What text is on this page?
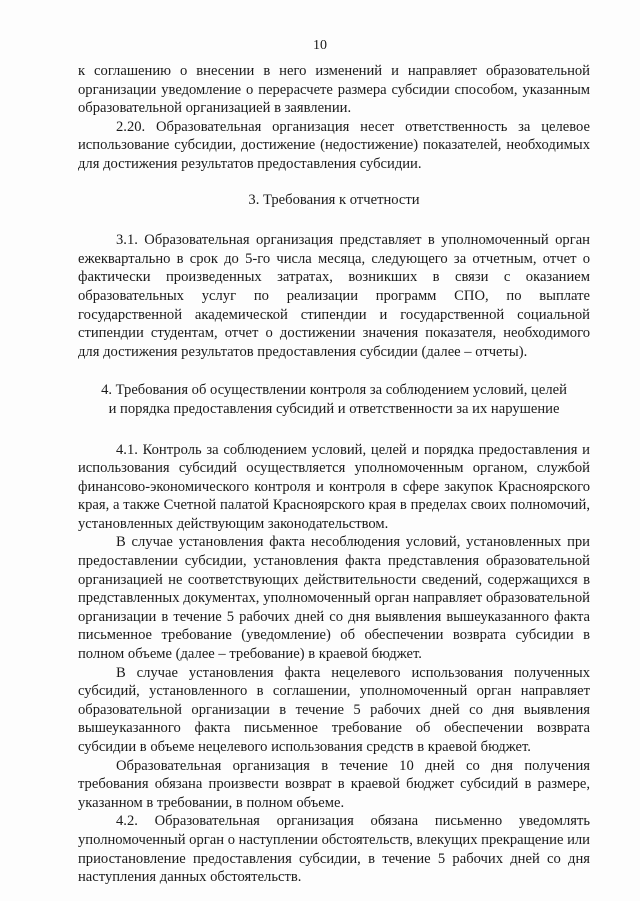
10

к соглашению о внесении в него изменений и направляет образовательной организации уведомление о перерасчете размера субсидии способом, указанным образовательной организацией в заявлении.

2.20. Образовательная организация несет ответственность за целевое использование субсидии, достижение (недостижение) показателей, необходимых для достижения результатов предоставления субсидии.

3. Требования к отчетности

3.1. Образовательная организация представляет в уполномоченный орган ежеквартально в срок до 5-го числа месяца, следующего за отчетным, отчет о фактически произведенных затратах, возникших в связи с оказанием образовательных услуг по реализации программ СПО, по выплате государственной академической стипендии и государственной социальной стипендии студентам, отчет о достижении значения показателя, необходимого для достижения результатов предоставления субсидии (далее – отчеты).

4. Требования об осуществлении контроля за соблюдением условий, целей
и порядка предоставления субсидий и ответственности за их нарушение

4.1. Контроль за соблюдением условий, целей и порядка предоставления и использования субсидий осуществляется уполномоченным органом, службой финансово-экономического контроля и контроля в сфере закупок Красноярского края, а также Счетной палатой Красноярского края в пределах своих полномочий, установленных действующим законодательством.

В случае установления факта несоблюдения условий, установленных при предоставлении субсидии, установления факта представления образовательной организацией не соответствующих действительности сведений, содержащихся в представленных документах, уполномоченный орган направляет образовательной организации в течение 5 рабочих дней со дня выявления вышеуказанного факта письменное требование (уведомление) об обеспечении возврата субсидии в полном объеме (далее – требование) в краевой бюджет.

В случае установления факта нецелевого использования полученных субсидий, установленного в соглашении, уполномоченный орган направляет образовательной организации в течение 5 рабочих дней со дня выявления вышеуказанного факта письменное требование об обеспечении возврата субсидии в объеме нецелевого использования средств в краевой бюджет.

Образовательная организация в течение 10 дней со дня получения требования обязана произвести возврат в краевой бюджет субсидий в размере, указанном в требовании, в полном объеме.

4.2. Образовательная организация обязана письменно уведомлять уполномоченный орган о наступлении обстоятельств, влекущих прекращение или приостановление предоставления субсидии, в течение 5 рабочих дней со дня наступления данных обстоятельств.
